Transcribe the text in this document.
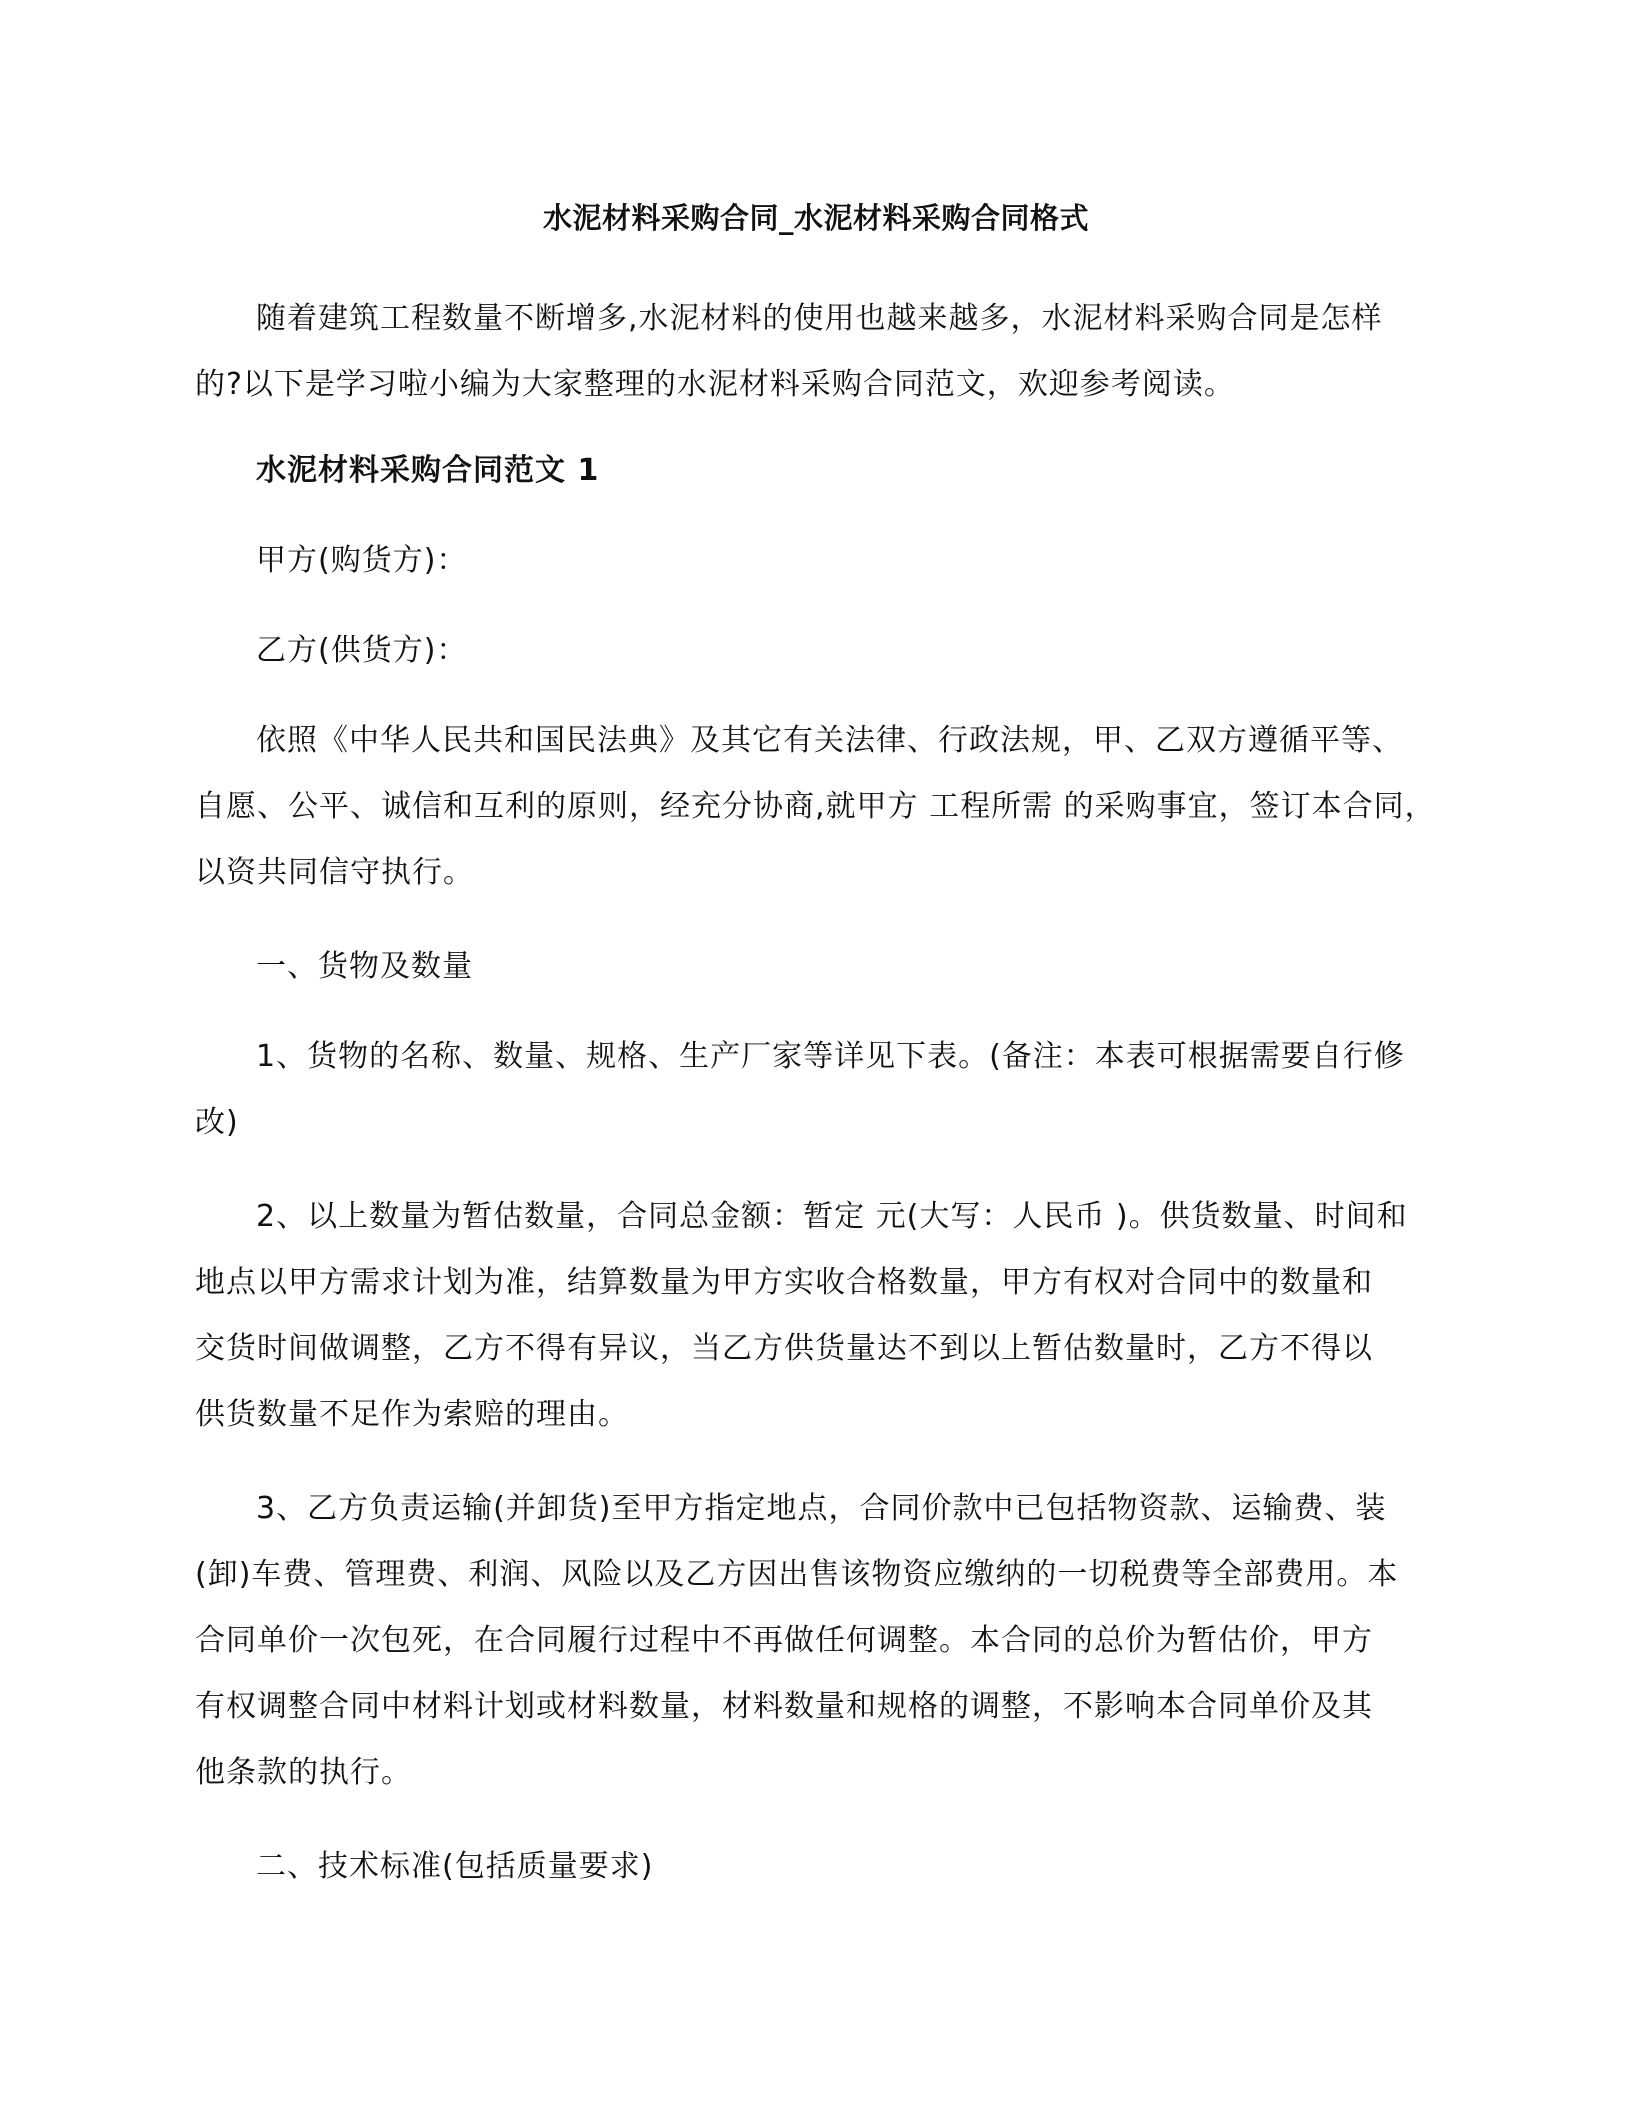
水泥材料采购合同_水泥材料采购合同格式
随着建筑工程数量不断增多,水泥材料的使用也越来越多，水泥材料采购合同是怎样
的?以下是学习啦小编为大家整理的水泥材料采购合同范文，欢迎参考阅读。
水泥材料采购合同范文 1
甲方(购货方)：
乙方(供货方)：
依照《中华人民共和国民法典》及其它有关法律、行政法规，甲、乙双方遵循平等、
自愿、公平、诚信和互利的原则，经充分协商,就甲方 工程所需 的采购事宜，签订本合同，
以资共同信守执行。
一、货物及数量
1、货物的名称、数量、规格、生产厂家等详见下表。(备注：本表可根据需要自行修
改)
2、以上数量为暂估数量，合同总金额：暂定 元(大写：人民币 )。供货数量、时间和
地点以甲方需求计划为准，结算数量为甲方实收合格数量，甲方有权对合同中的数量和
交货时间做调整，乙方不得有异议，当乙方供货量达不到以上暂估数量时，乙方不得以
供货数量不足作为索赔的理由。
3、乙方负责运输(并卸货)至甲方指定地点，合同价款中已包括物资款、运输费、装
(卸)车费、管理费、利润、风险以及乙方因出售该物资应缴纳的一切税费等全部费用。本
合同单价一次包死，在合同履行过程中不再做任何调整。本合同的总价为暂估价，甲方
有权调整合同中材料计划或材料数量，材料数量和规格的调整，不影响本合同单价及其
他条款的执行。
二、技术标准(包括质量要求)
